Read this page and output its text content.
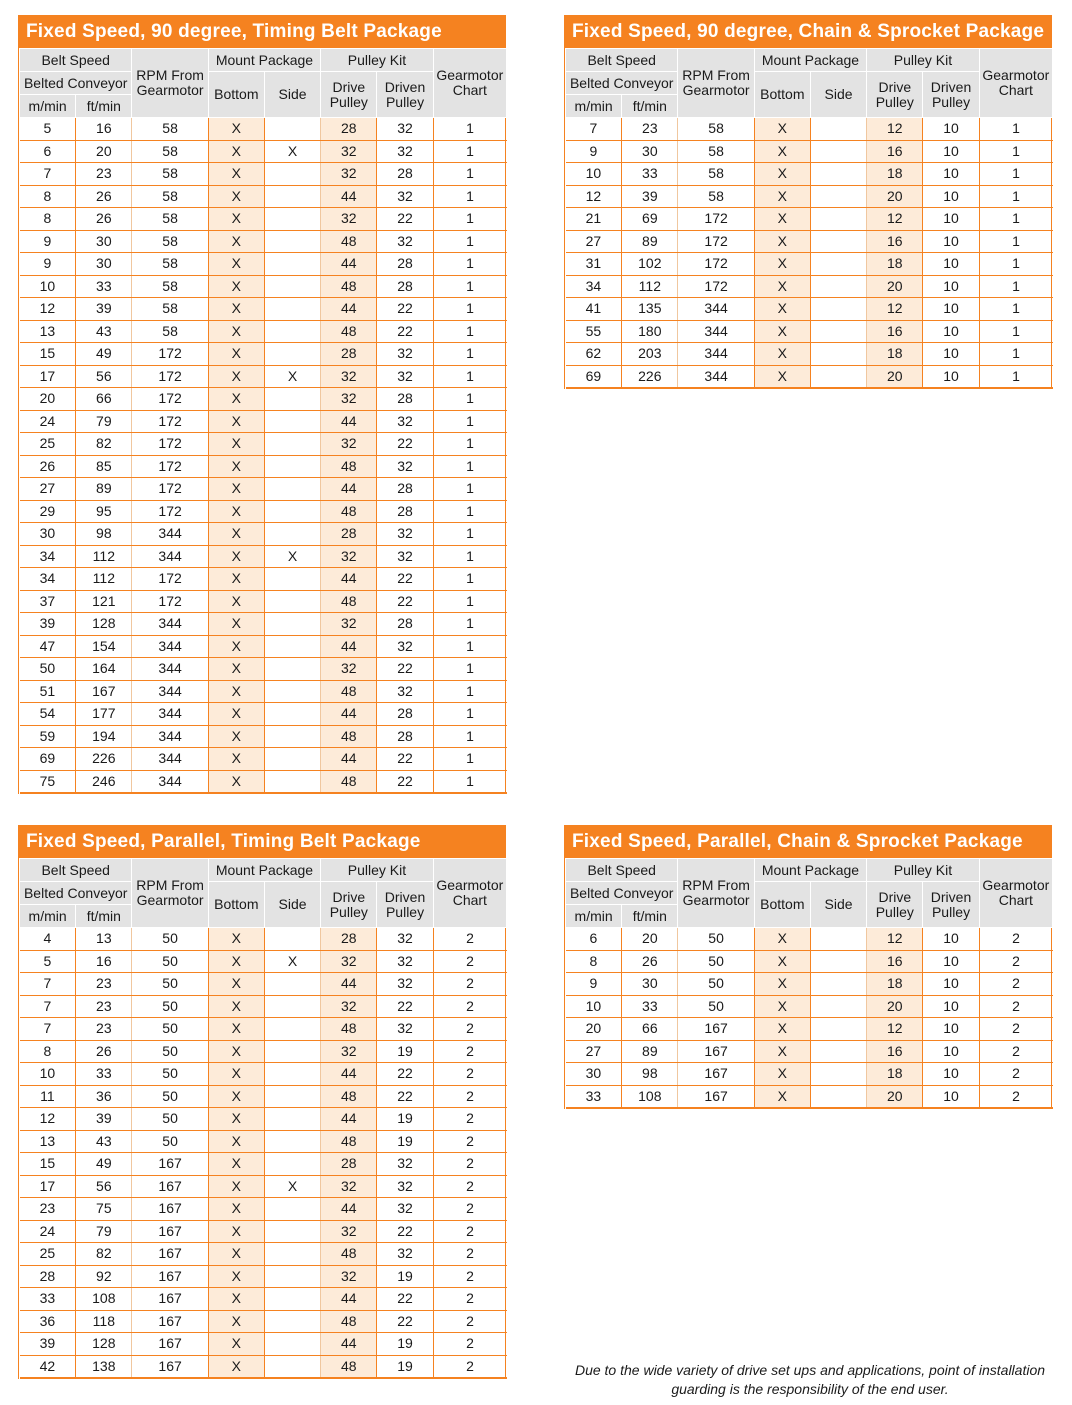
Fixed Speed, 90 degree, Timing Belt Package
Belt Speed		RPM From Gearmotor	Mount Package		Pulley Kit		Gearmotor Chart
Belted Conveyor			Bottom	Side	Drive Pulley	Driven Pulley	
m/min	ft/min						
5	16	58	X		28	32	1
6	20	58	X	X	32	32	1
7	23	58	X		32	28	1
8	26	58	X		44	32	1
8	26	58	X		32	22	1
9	30	58	X		48	32	1
9	30	58	X		44	28	1
10	33	58	X		48	28	1
12	39	58	X		44	22	1
13	43	58	X		48	22	1
15	49	172	X		28	32	1
17	56	172	X	X	32	32	1
20	66	172	X		32	28	1
24	79	172	X		44	32	1
25	82	172	X		32	22	1
26	85	172	X		48	32	1
27	89	172	X		44	28	1
29	95	172	X		48	28	1
30	98	344	X		28	32	1
34	112	344	X	X	32	32	1
34	112	172	X		44	22	1
37	121	172	X		48	22	1
39	128	344	X		32	28	1
47	154	344	X		44	32	1
50	164	344	X		32	22	1
51	167	344	X		48	32	1
54	177	344	X		44	28	1
59	194	344	X		48	28	1
69	226	344	X		44	22	1
75	246	344	X		48	22	1
Fixed Speed, 90 degree, Chain & Sprocket Package
Belt Speed		RPM From Gearmotor	Mount Package		Pulley Kit		Gearmotor Chart
Belted Conveyor			Bottom	Side	Drive Pulley	Driven Pulley	
m/min	ft/min						
7	23	58	X		12	10	1
9	30	58	X		16	10	1
10	33	58	X		18	10	1
12	39	58	X		20	10	1
21	69	172	X		12	10	1
27	89	172	X		16	10	1
31	102	172	X		18	10	1
34	112	172	X		20	10	1
41	135	344	X		12	10	1
55	180	344	X		16	10	1
62	203	344	X		18	10	1
69	226	344	X		20	10	1
Fixed Speed, Parallel, Timing Belt Package
Belt Speed		RPM From Gearmotor	Mount Package		Pulley Kit		Gearmotor Chart
Belted Conveyor			Bottom	Side	Drive Pulley	Driven Pulley	
m/min	ft/min						
4	13	50	X		28	32	2
5	16	50	X	X	32	32	2
7	23	50	X		44	32	2
7	23	50	X		32	22	2
7	23	50	X		48	32	2
8	26	50	X		32	19	2
10	33	50	X		44	22	2
11	36	50	X		48	22	2
12	39	50	X		44	19	2
13	43	50	X		48	19	2
15	49	167	X		28	32	2
17	56	167	X	X	32	32	2
23	75	167	X		44	32	2
24	79	167	X		32	22	2
25	82	167	X		48	32	2
28	92	167	X		32	19	2
33	108	167	X		44	22	2
36	118	167	X		48	22	2
39	128	167	X		44	19	2
42	138	167	X		48	19	2
Fixed Speed, Parallel, Chain & Sprocket Package
Belt Speed		RPM From Gearmotor	Mount Package		Pulley Kit		Gearmotor Chart
Belted Conveyor			Bottom	Side	Drive Pulley	Driven Pulley	
m/min	ft/min						
6	20	50	X		12	10	2
8	26	50	X		16	10	2
9	30	50	X		18	10	2
10	33	50	X		20	10	2
20	66	167	X		12	10	2
27	89	167	X		16	10	2
30	98	167	X		18	10	2
33	108	167	X		20	10	2
Due to the wide variety of drive set ups and applications, point of installation guarding is the responsibility of the end user.
